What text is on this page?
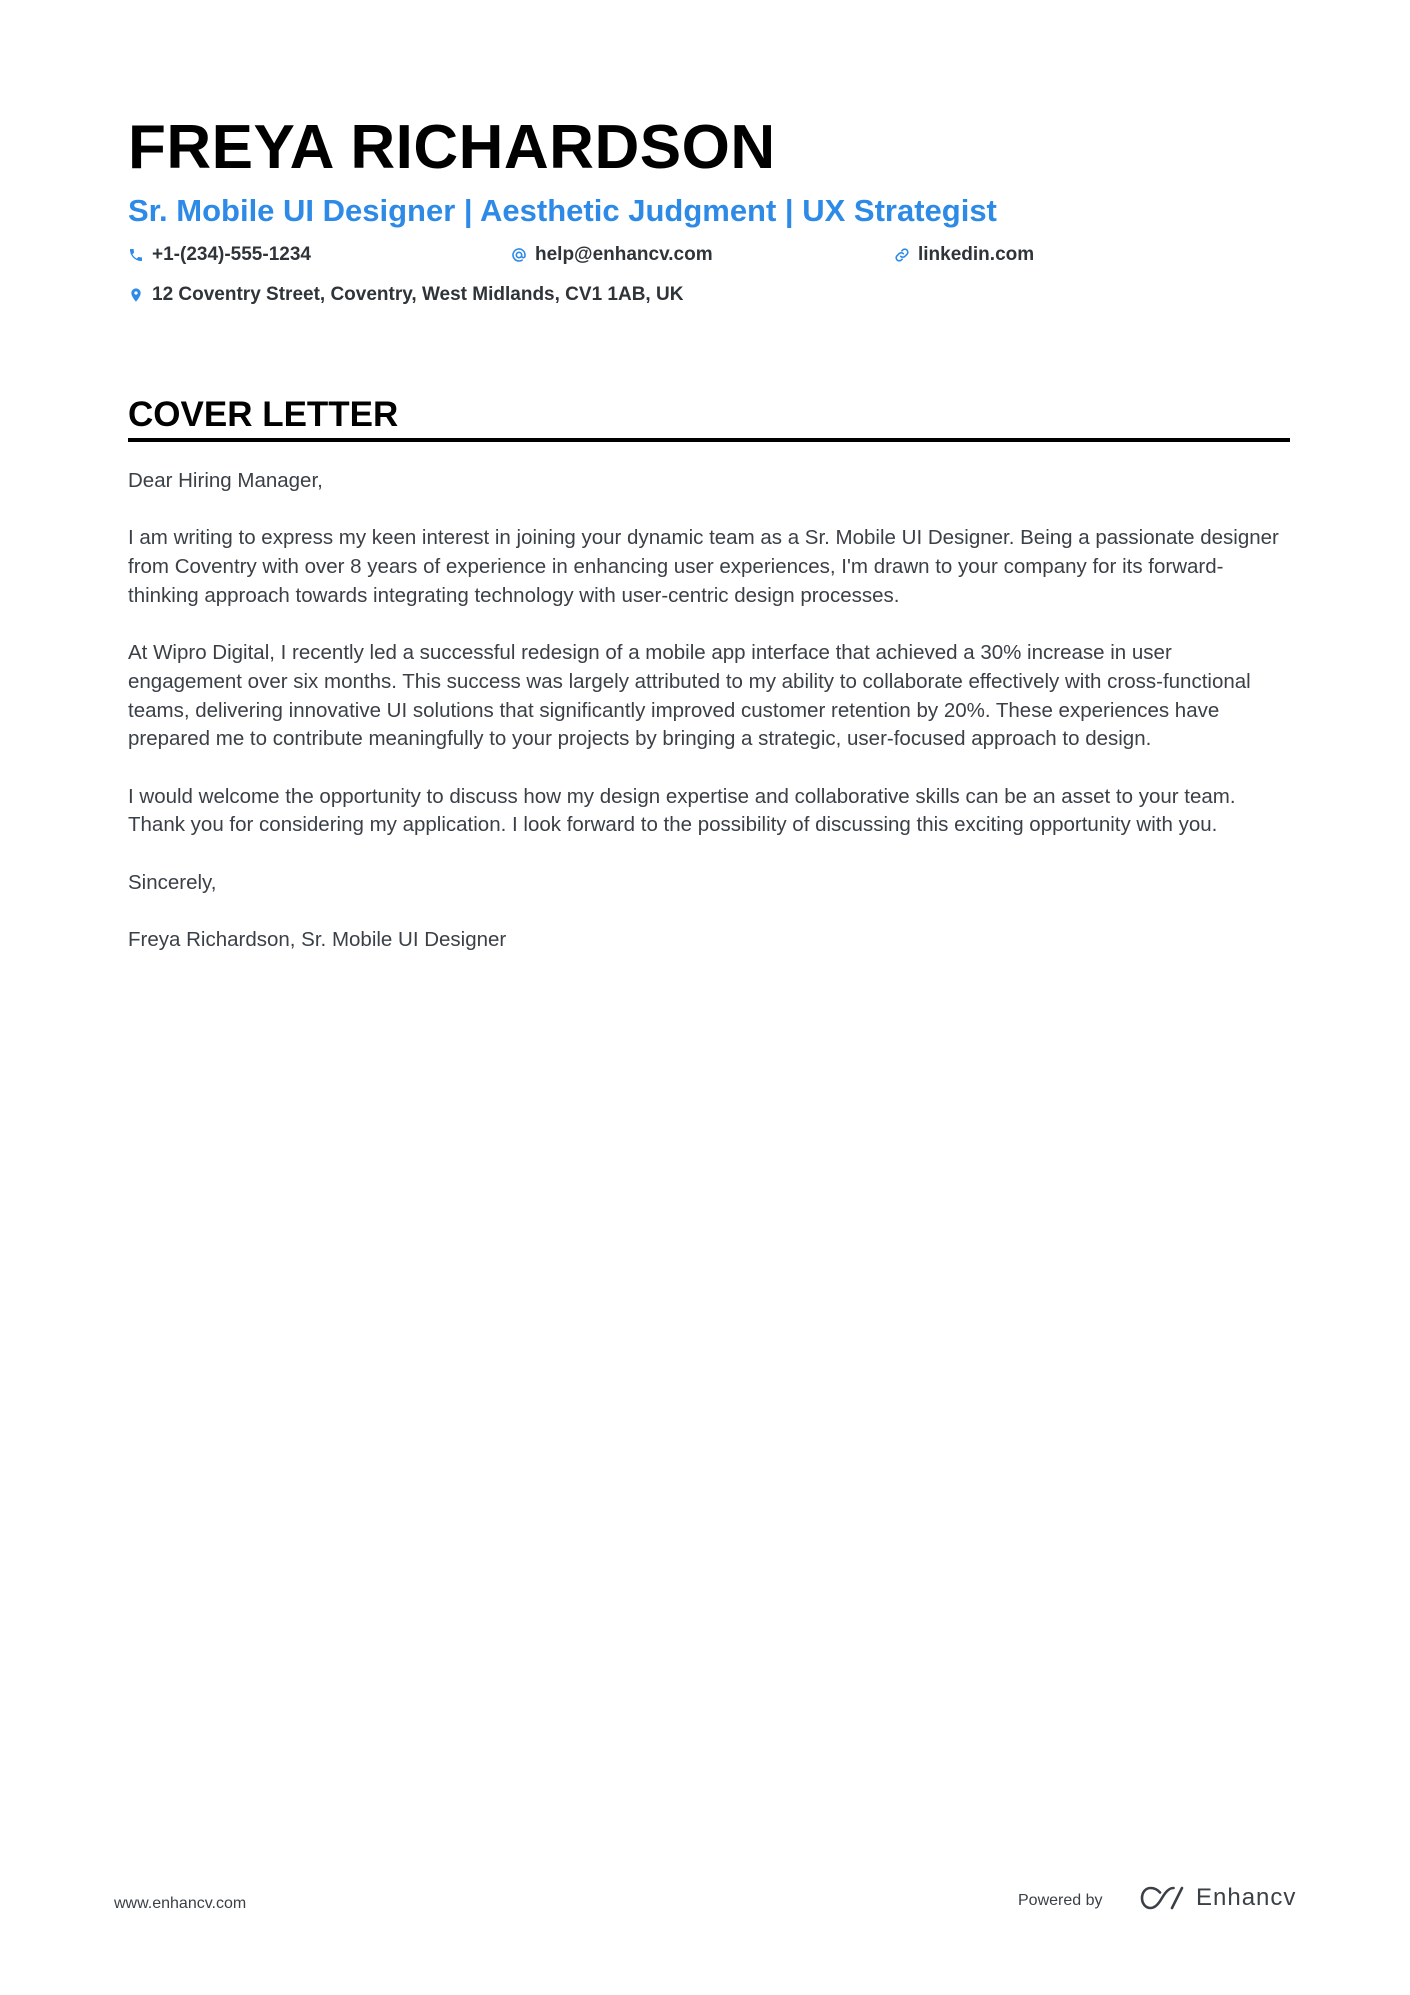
FREYA RICHARDSON
Sr. Mobile UI Designer | Aesthetic Judgment | UX Strategist
+1-(234)-555-1234	help@enhancv.com	linkedin.com
12 Coventry Street, Coventry, West Midlands, CV1 1AB, UK
COVER LETTER

Dear Hiring Manager,

I am writing to express my keen interest in joining your dynamic team as a Sr. Mobile UI Designer. Being a passionate designer from Coventry with over 8 years of experience in enhancing user experiences, I'm drawn to your company for its forward-thinking approach towards integrating technology with user-centric design processes.

At Wipro Digital, I recently led a successful redesign of a mobile app interface that achieved a 30% increase in user engagement over six months. This success was largely attributed to my ability to collaborate effectively with cross-functional teams, delivering innovative UI solutions that significantly improved customer retention by 20%. These experiences have prepared me to contribute meaningfully to your projects by bringing a strategic, user-focused approach to design.

I would welcome the opportunity to discuss how my design expertise and collaborative skills can be an asset to your team. Thank you for considering my application. I look forward to the possibility of discussing this exciting opportunity with you.

Sincerely,

Freya Richardson, Sr. Mobile UI Designer

www.enhancv.com	Powered by	Enhancv
